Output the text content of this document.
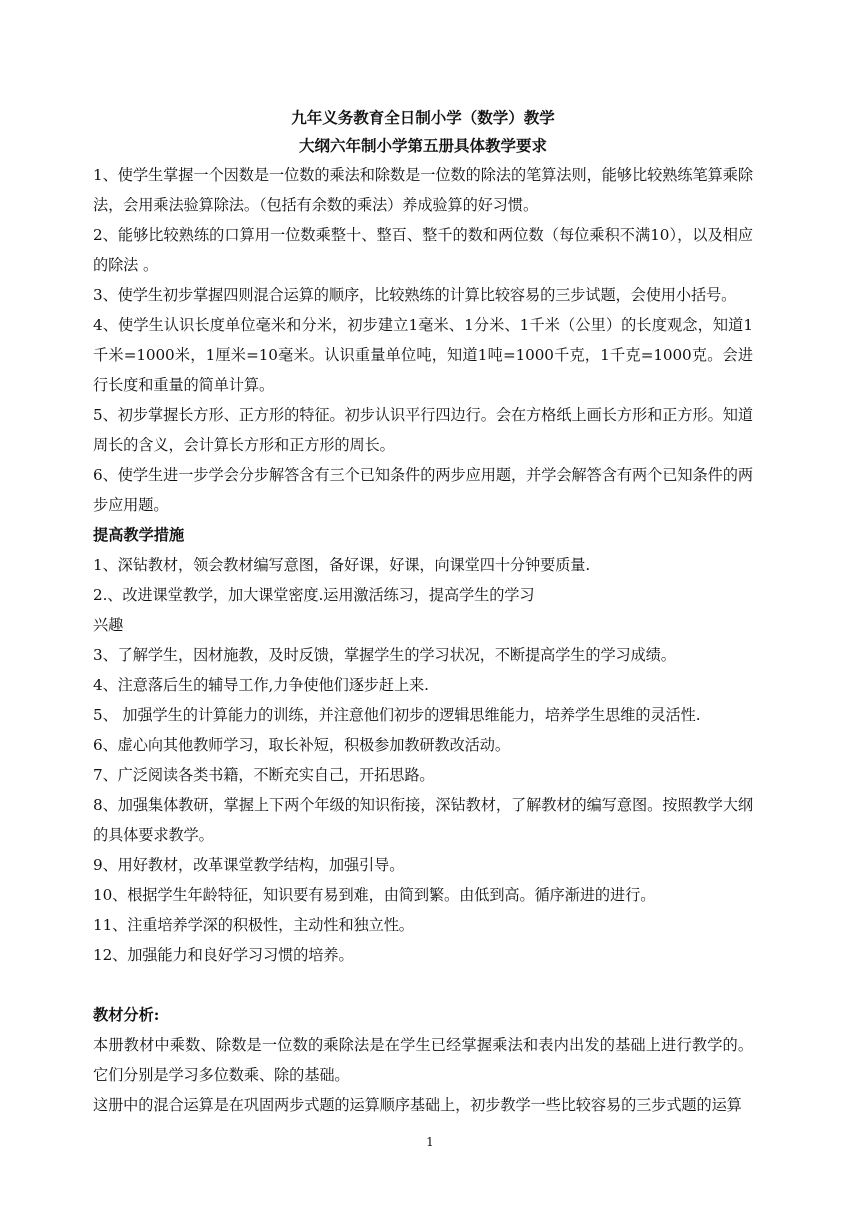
九年义务教育全日制小学（数学）教学

大纲六年制小学第五册具体教学要求

1、使学生掌握一个因数是一位数的乘法和除数是一位数的除法的笔算法则，能够比较熟练笔算乘除法，会用乘法验算除法。（包括有余数的乘法）养成验算的好习惯。

2、能够比较熟练的口算用一位数乘整十、整百、整千的数和两位数（每位乘积不满10），以及相应的除法 。

3、使学生初步掌握四则混合运算的顺序，比较熟练的计算比较容易的三步试题，会使用小括号。

4、使学生认识长度单位毫米和分米，初步建立1毫米、1分米、1千米（公里）的长度观念，知道1千米=1000米，1厘米=10毫米。认识重量单位吨，知道1吨=1000千克，1千克=1000克。会进行长度和重量的简单计算。

5、初步掌握长方形、正方形的特征。初步认识平行四边行。会在方格纸上画长方形和正方形。知道周长的含义，会计算长方形和正方形的周长。

6、使学生进一步学会分步解答含有三个已知条件的两步应用题，并学会解答含有两个已知条件的两步应用题。

提高教学措施

1、深钻教材，领会教材编写意图，备好课，好课，向课堂四十分钟要质量.

2.、改进课堂教学，加大课堂密度.运用激活练习，提高学生的学习

兴趣

3、了解学生，因材施教，及时反馈，掌握学生的学习状况，不断提高学生的学习成绩。

4、注意落后生的辅导工作,力争使他们逐步赶上来.

5、 加强学生的计算能力的训练，并注意他们初步的逻辑思维能力，培养学生思维的灵活性.

6、虚心向其他教师学习，取长补短，积极参加教研教改活动。

7、广泛阅读各类书籍，不断充实自己，开拓思路。

8、加强集体教研，掌握上下两个年级的知识衔接，深钻教材，了解教材的编写意图。按照教学大纲的具体要求教学。

9、用好教材，改革课堂教学结构，加强引导。

10、根据学生年龄特征，知识要有易到难，由简到繁。由低到高。循序渐进的进行。

11、注重培养学深的积极性，主动性和独立性。

12、加强能力和良好学习习惯的培养。

教材分析:

本册教材中乘数、除数是一位数的乘除法是在学生已经掌握乘法和表内出发的基础上进行教学的。它们分别是学习多位数乘、除的基础。

这册中的混合运算是在巩固两步式题的运算顺序基础上，初步教学一些比较容易的三步式题的运算

1
